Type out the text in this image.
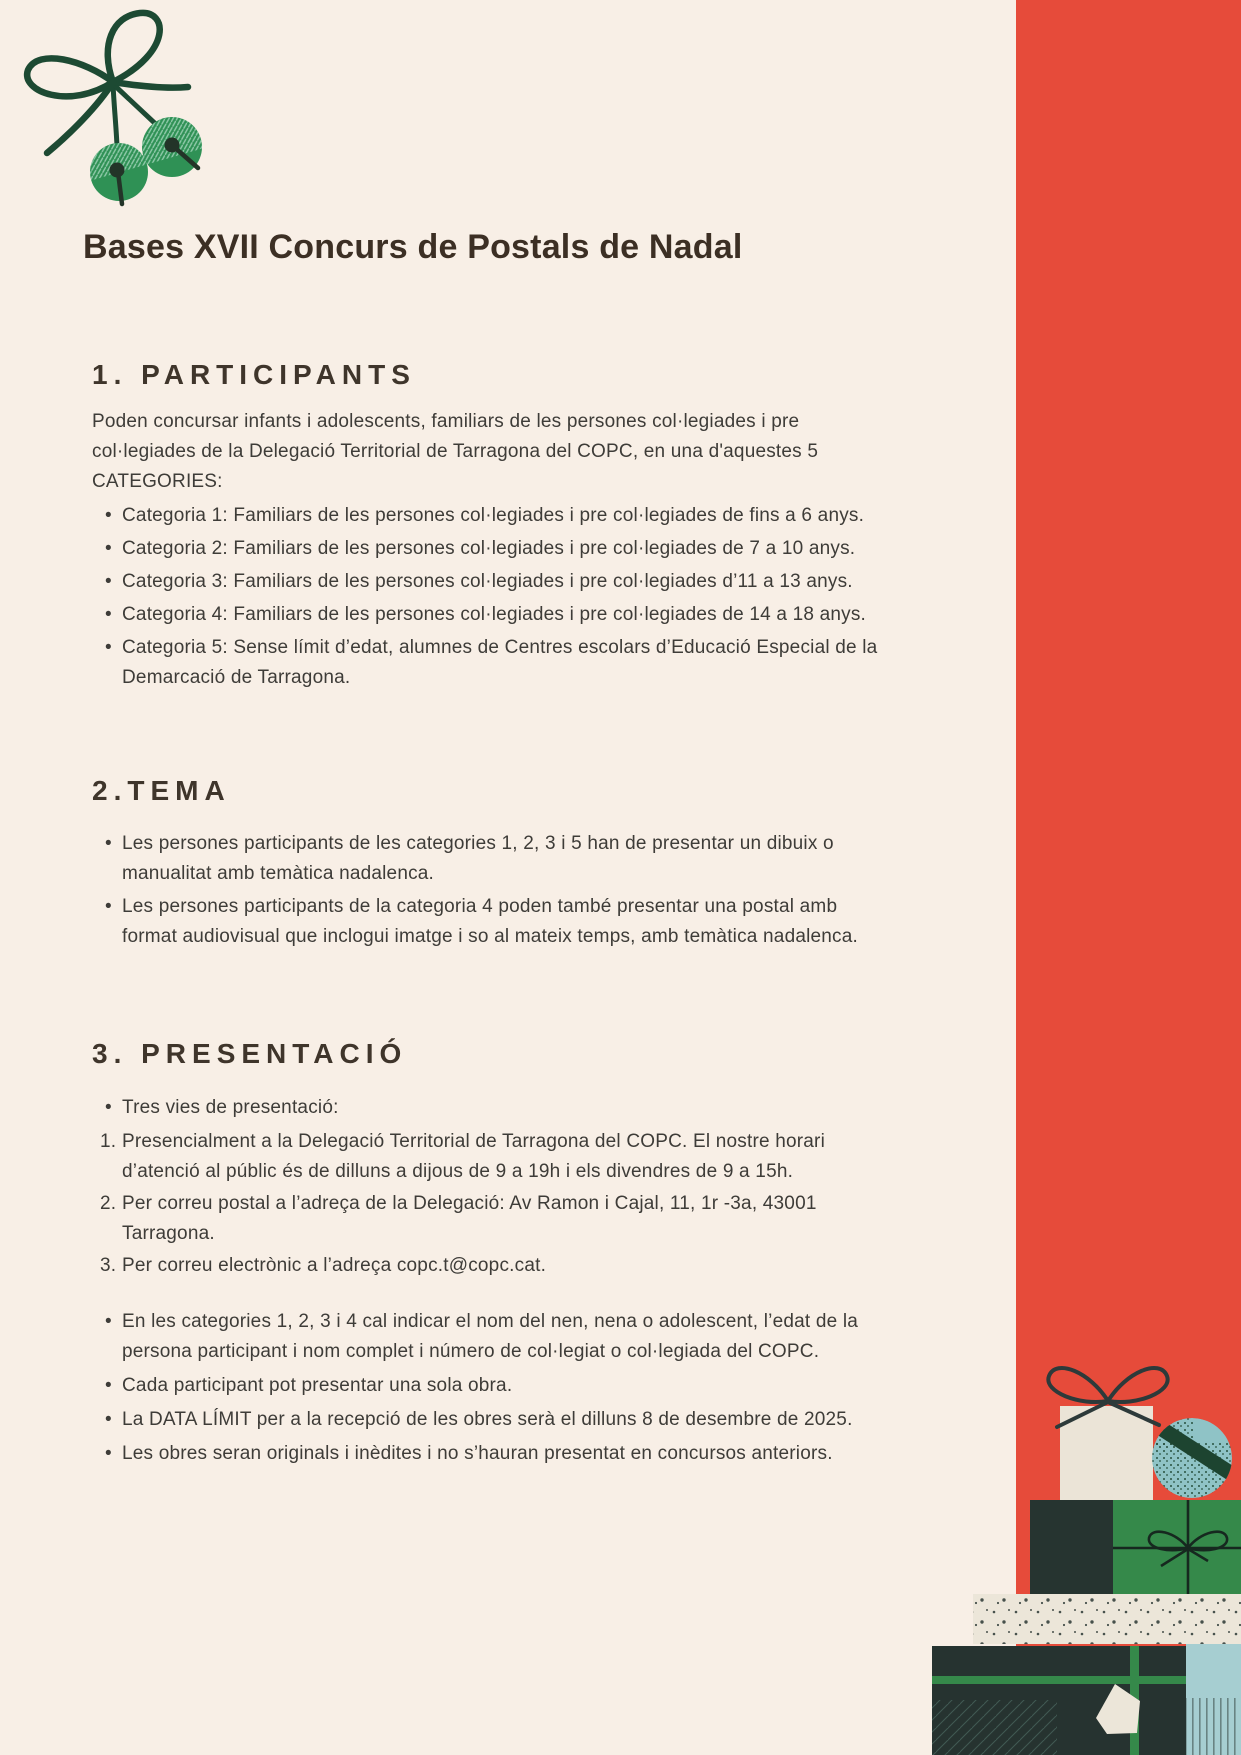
Bases XVII Concurs de Postals de Nadal
1. PARTICIPANTS

Poden concursar infants i adolescents, familiars de les persones col·legiades i pre col·legiades de la Delegació Territorial de Tarragona del COPC, en una d'aquestes 5 CATEGORIES:

• Categoria 1: Familiars de les persones col·legiades i pre col·legiades de fins a 6 anys.
• Categoria 2: Familiars de les persones col·legiades i pre col·legiades de 7 a 10 anys.
• Categoria 3: Familiars de les persones col·legiades i pre col·legiades d’11 a 13 anys.
• Categoria 4: Familiars de les persones col·legiades i pre col·legiades de 14 a 18 anys.
• Categoria 5: Sense límit d’edat, alumnes de Centres escolars d’Educació Especial de la Demarcació de Tarragona.
2.TEMA
• Les persones participants de les categories 1, 2, 3 i 5 han de presentar un dibuix o manualitat amb temàtica nadalenca.
• Les persones participants de la categoria 4 poden també presentar una postal amb format audiovisual que inclogui imatge i so al mateix temps, amb temàtica nadalenca.
3. PRESENTACIÓ
• Tres vies de presentació:
Presencialment a la Delegació Territorial de Tarragona del COPC. El nostre horari d’atenció al públic és de dilluns a dijous de 9 a 19h i els divendres de 9 a 15h.
Per correu postal a l’adreça de la Delegació: Av Ramon i Cajal, 11, 1r -3a, 43001 Tarragona.
Per correu electrònic a l’adreça copc.t@copc.cat.
• En les categories 1, 2, 3 i 4 cal indicar el nom del nen, nena o adolescent, l’edat de la persona participant i nom complet i número de col·legiat o col·legiada del COPC.
• Cada participant pot presentar una sola obra.
• La DATA LÍMIT per a la recepció de les obres serà el dilluns 8 de desembre de 2025.
• Les obres seran originals i inèdites i no s’hauran presentat en concursos anteriors.
